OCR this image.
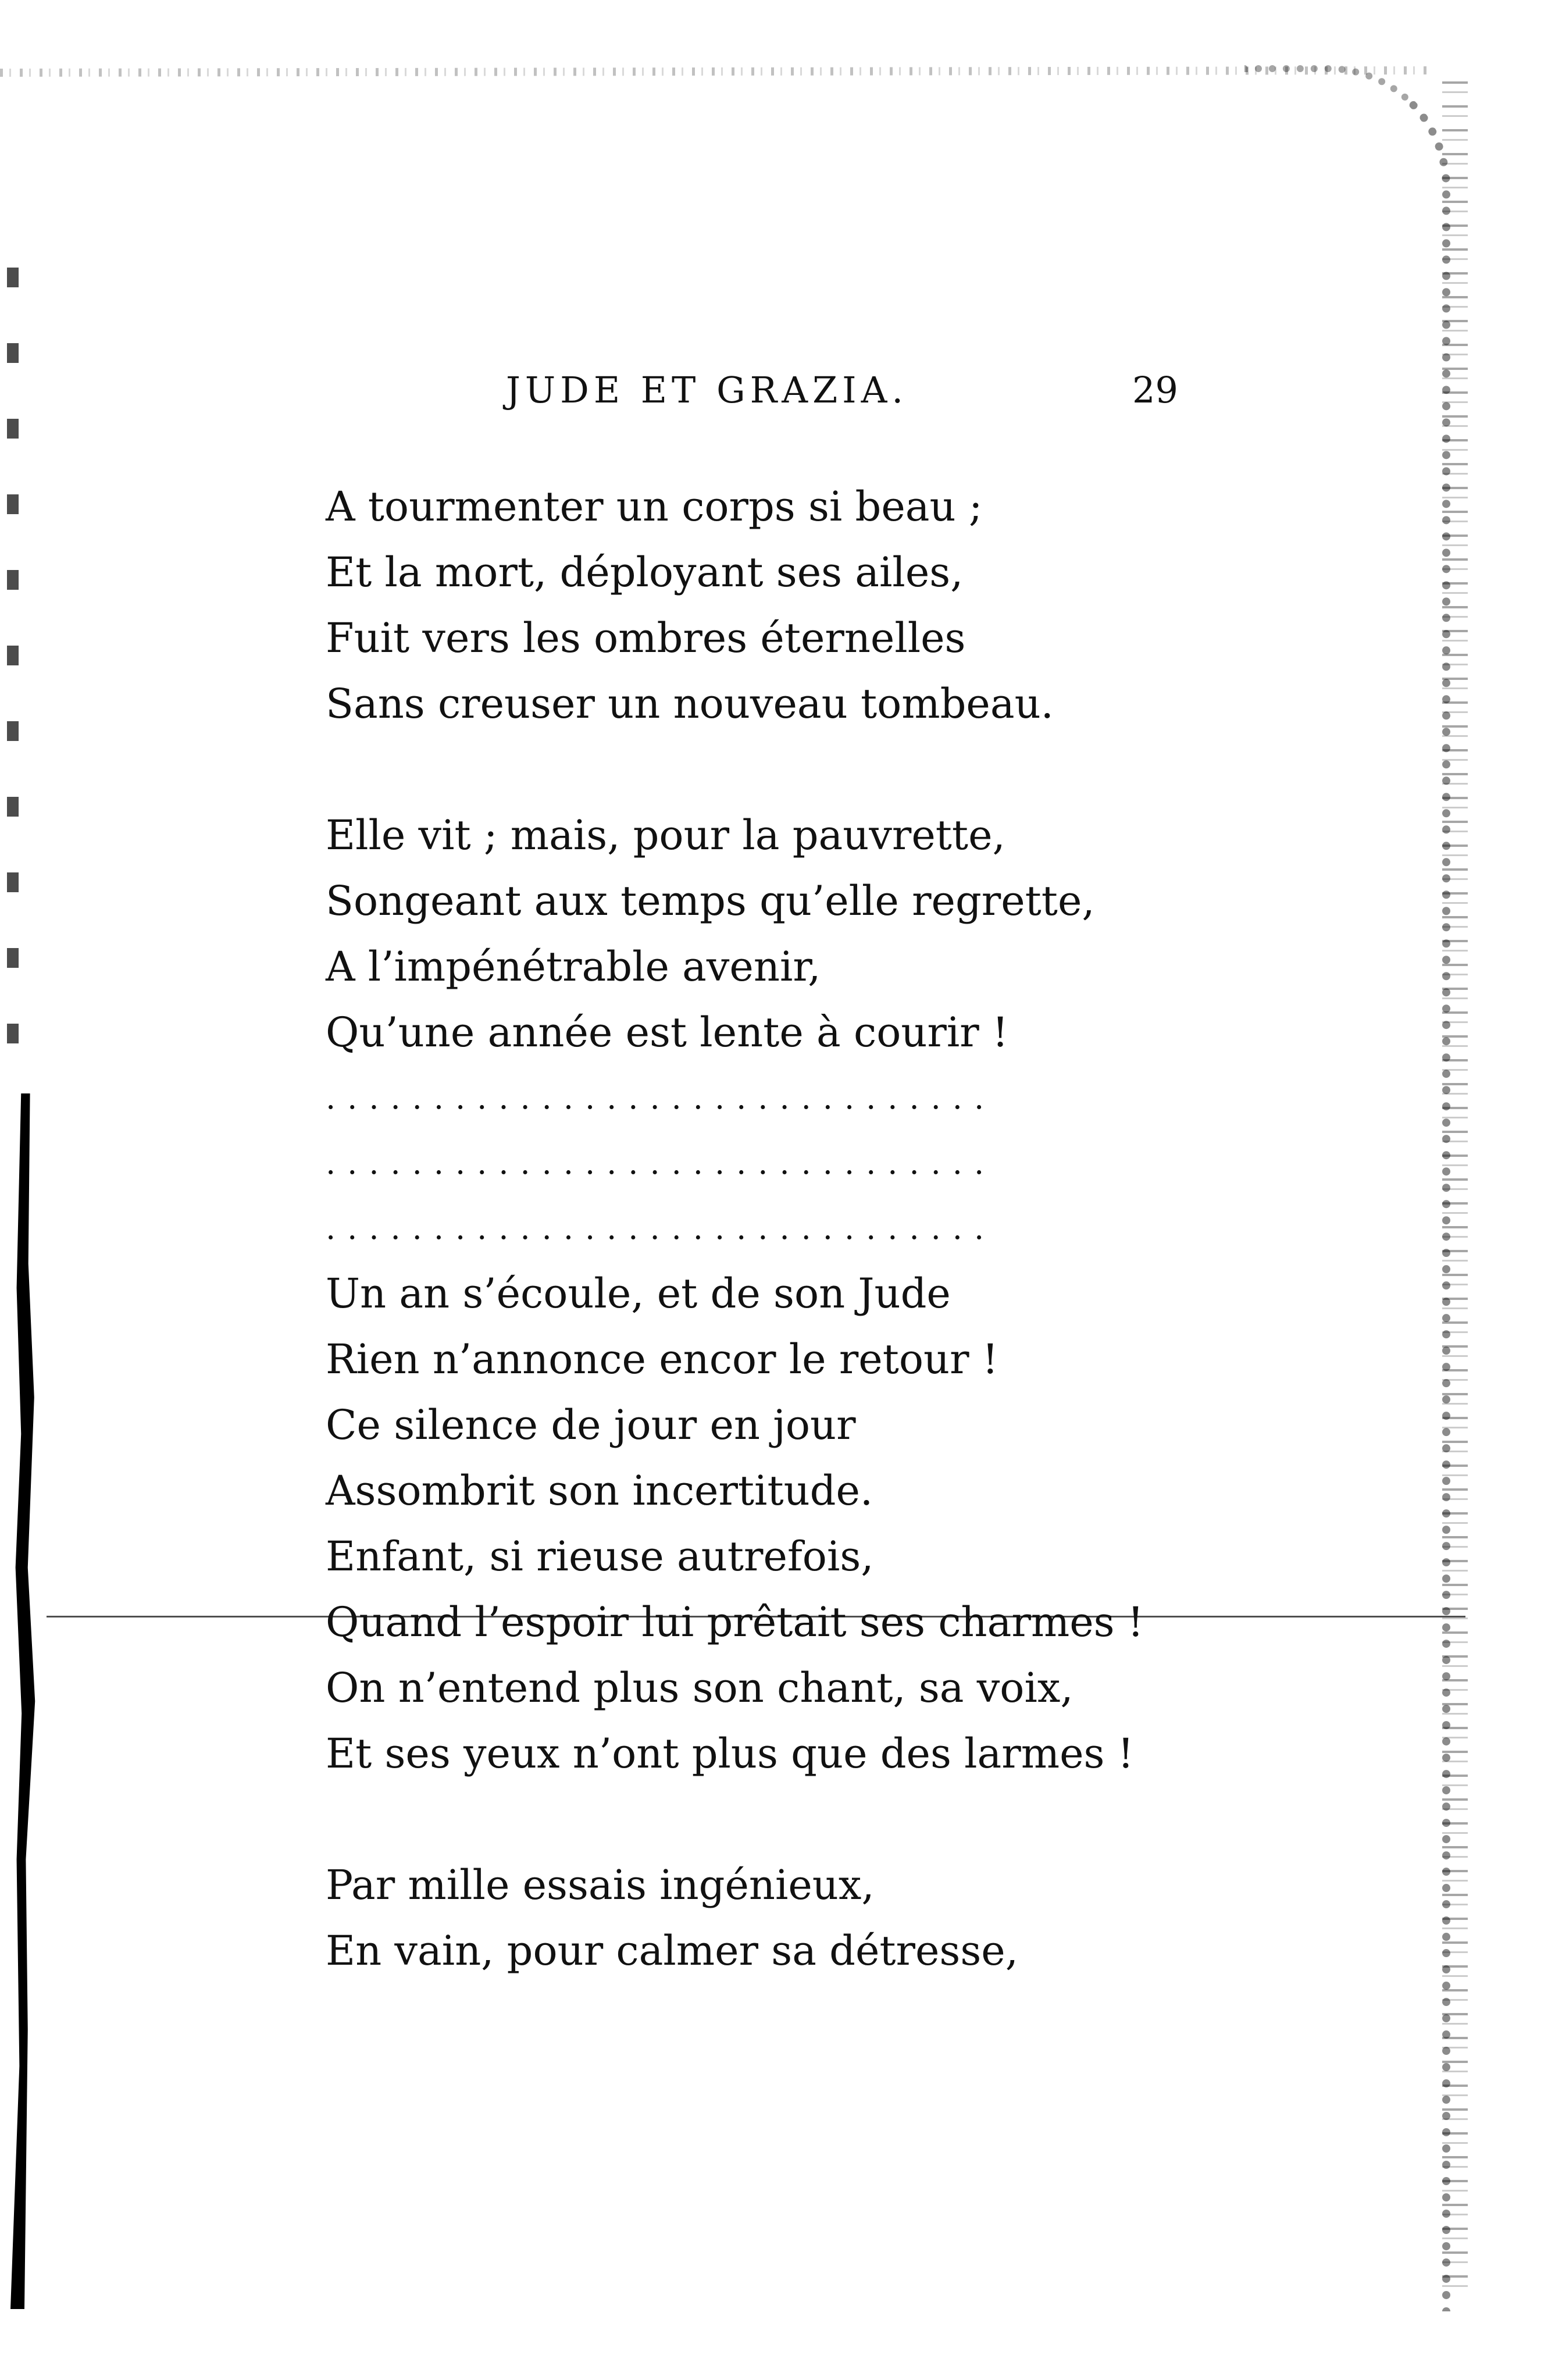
JUDE ET GRAZIA.	29
A tourmenter un corps si beau ;
Et la mort, déployant ses ailes,
Fuit vers les ombres éternelles
Sans creuser un nouveau tombeau.
Elle vit ; mais, pour la pauvrette,
Songeant aux temps qu’elle regrette,
A l’impénétrable avenir,
Qu’une année est lente à courir !
...............................
...............................
...............................
Un an s’écoule, et de son Jude
Rien n’annonce encor le retour !
Ce silence de jour en jour
Assombrit son incertitude.
Enfant, si rieuse autrefois,
Quand l’espoir lui prêtait ses charmes !
On n’entend plus son chant, sa voix,
Et ses yeux n’ont plus que des larmes !
Par mille essais ingénieux,
En vain, pour calmer sa détresse,
